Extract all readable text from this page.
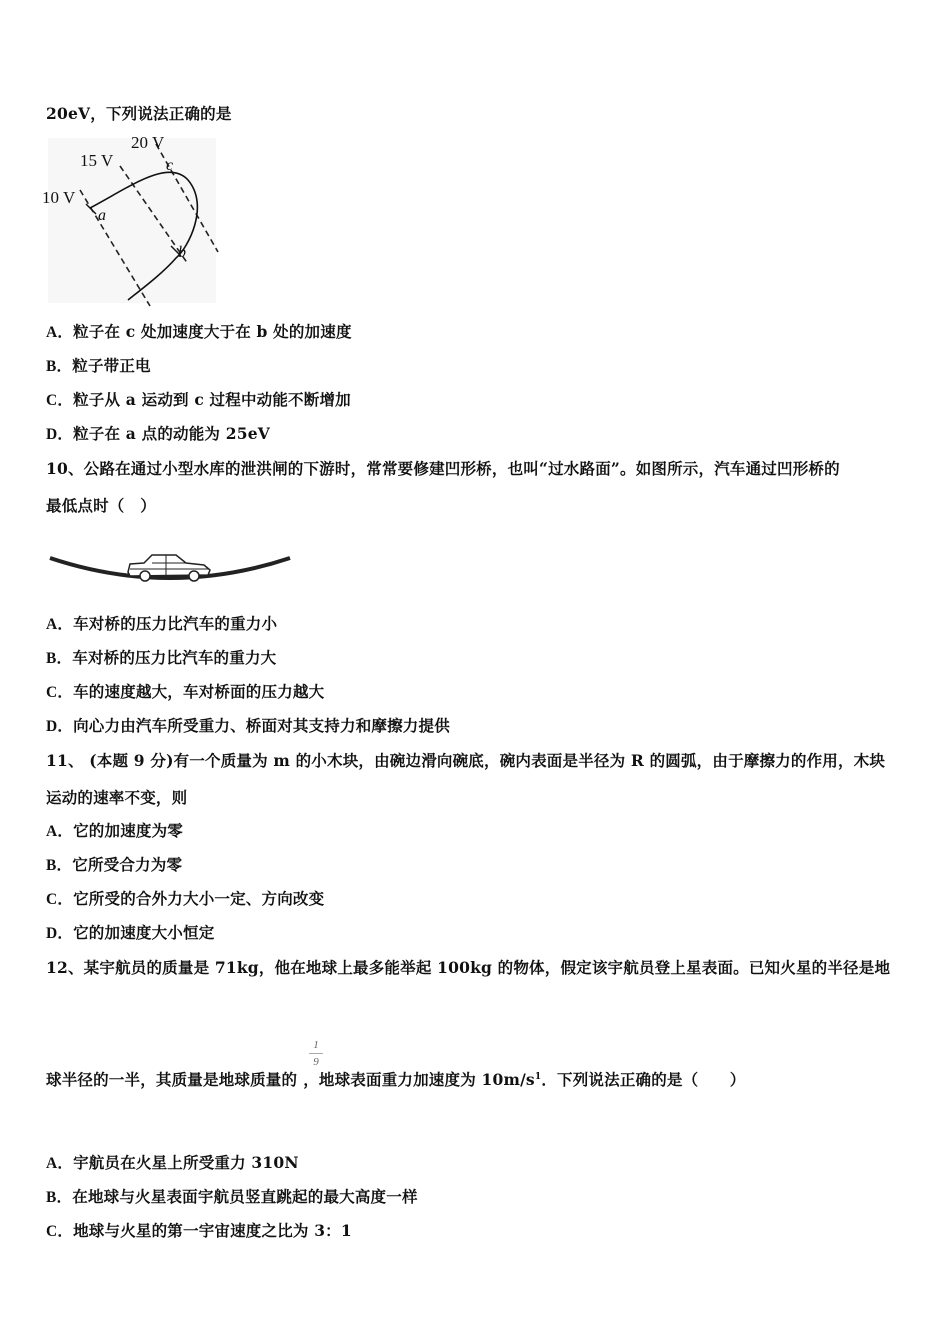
20eV，下列说法正确的是
20 V
15 V
10 V
a
b
c
A．粒子在 c 处加速度大于在 b 处的加速度
B．粒子带正电
C．粒子从 a 运动到 c 过程中动能不断增加
D．粒子在 a 点的动能为 25eV
10、公路在通过小型水库的泄洪闸的下游时，常常要修建凹形桥，也叫“过水路面”。如图所示，汽车通过凹形桥的
最低点时（　）
A．车对桥的压力比汽车的重力小
B．车对桥的压力比汽车的重力大
C．车的速度越大，车对桥面的压力越大
D．向心力由汽车所受重力、桥面对其支持力和摩擦力提供
11、 (本题 9 分)有一个质量为 m 的小木块，由碗边滑向碗底，碗内表面是半径为 R 的圆弧，由于摩擦力的作用，木块
运动的速率不变，则
A．它的加速度为零
B．它所受合力为零
C．它所受的合外力大小一定、方向改变
D．它的加速度大小恒定
12、某宇航员的质量是 71kg，他在地球上最多能举起 100kg 的物体，假定该宇航员登上星表面。已知火星的半径是地
1
9
球半径的一半，其质量是地球质量的 ，地球表面重力加速度为 $10m/s^1$．下列说法正确的是（　　）
A．宇航员在火星上所受重力 310N
B．在地球与火星表面宇航员竖直跳起的最大高度一样
C．地球与火星的第一宇宙速度之比为 3：1
